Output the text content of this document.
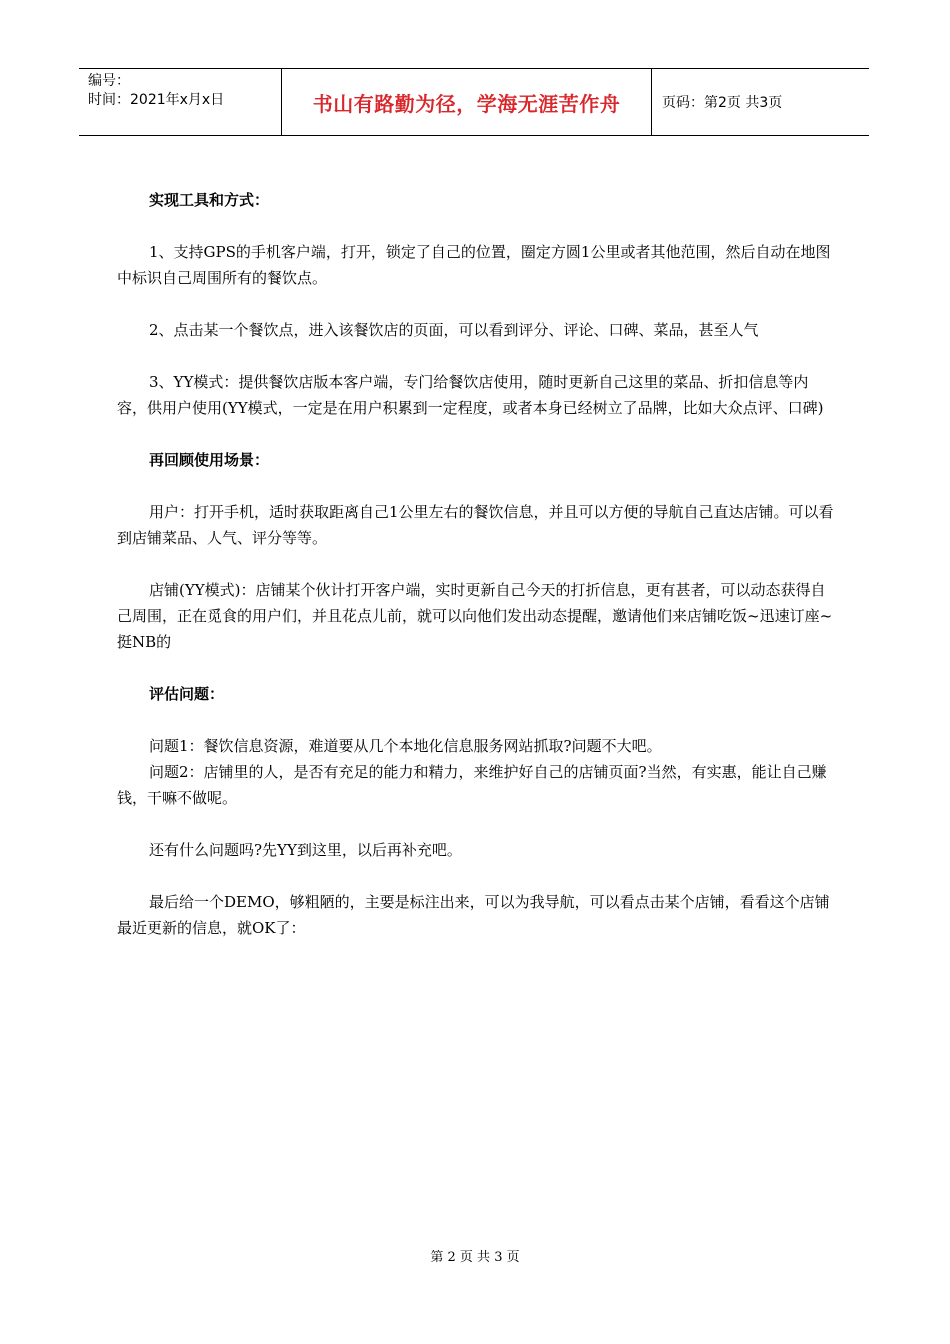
编号：
时间：2021年x月x日	书山有路勤为径，学海无涯苦作舟	页码：第2页 共3页

实现工具和方式：

1、支持GPS的手机客户端，打开，锁定了自己的位置，圈定方圆1公里或者其他范围，然后自动在地图中标识自己周围所有的餐饮点。

2、点击某一个餐饮点，进入该餐饮店的页面，可以看到评分、评论、口碑、菜品，甚至人气

3、YY模式：提供餐饮店版本客户端，专门给餐饮店使用，随时更新自己这里的菜品、折扣信息等内容，供用户使用(YY模式，一定是在用户积累到一定程度，或者本身已经树立了品牌，比如大众点评、口碑)

再回顾使用场景：

用户：打开手机，适时获取距离自己1公里左右的餐饮信息，并且可以方便的导航自己直达店铺。可以看到店铺菜品、人气、评分等等。

店铺(YY模式)：店铺某个伙计打开客户端，实时更新自己今天的打折信息，更有甚者，可以动态获得自己周围，正在觅食的用户们，并且花点儿前，就可以向他们发出动态提醒，邀请他们来店铺吃饭~迅速订座~挺NB的

评估问题：

问题1：餐饮信息资源，难道要从几个本地化信息服务网站抓取?问题不大吧。

问题2：店铺里的人，是否有充足的能力和精力，来维护好自己的店铺页面?当然，有实惠，能让自己赚钱，干嘛不做呢。

还有什么问题吗?先YY到这里，以后再补充吧。

最后给一个DEMO，够粗陋的，主要是标注出来，可以为我导航，可以看点击某个店铺，看看这个店铺最近更新的信息，就OK了：

第 2 页 共 3 页
